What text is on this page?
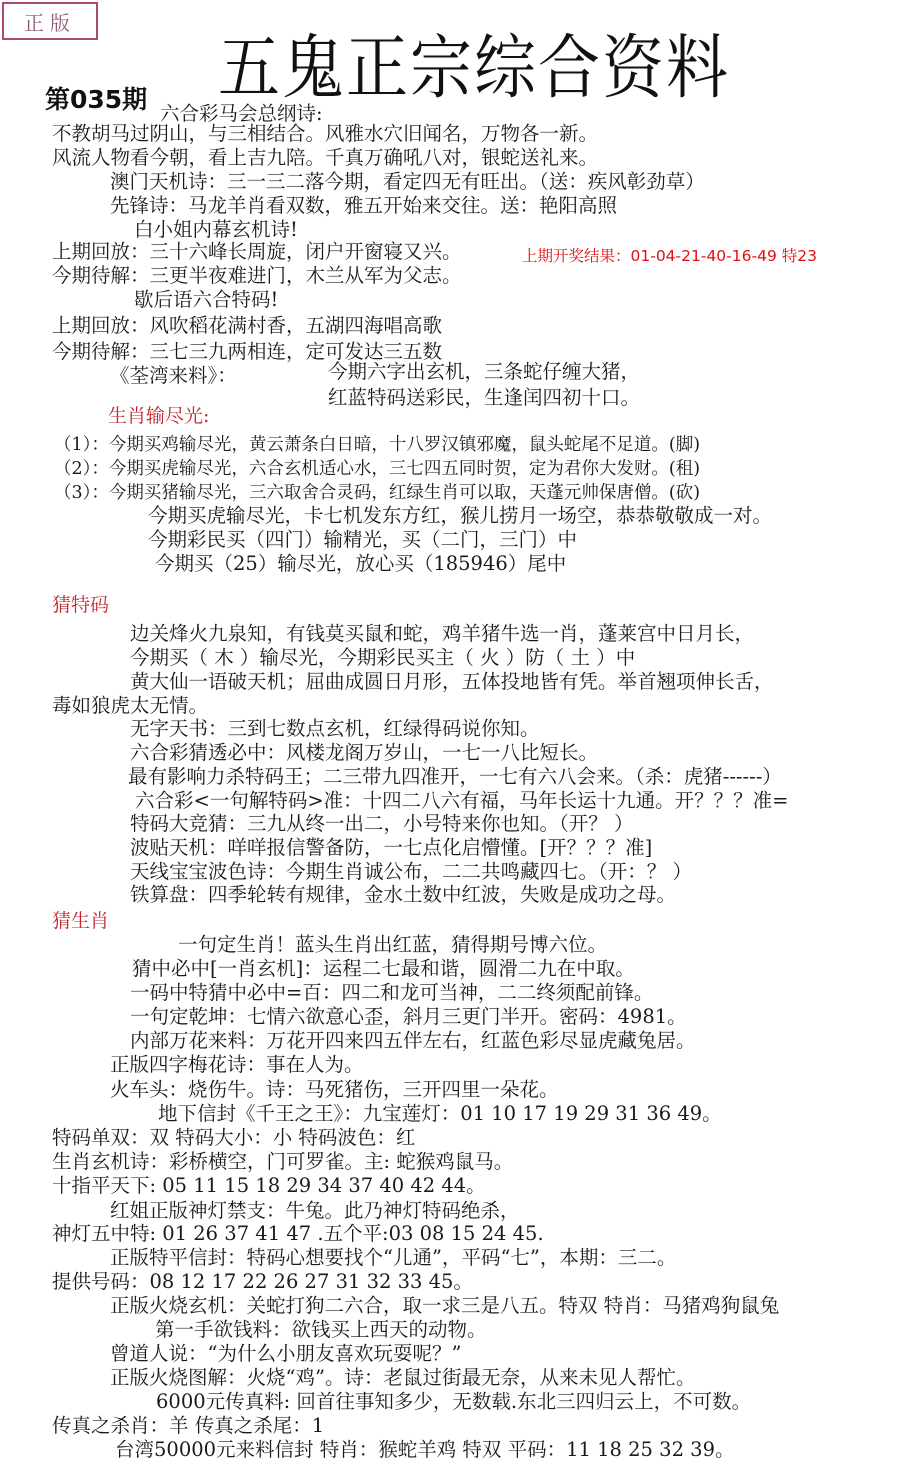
正版
五鬼正宗综合资料
第035期 六合彩马会总纲诗:
不教胡马过阴山，与三相结合。风雅水穴旧闻名，万物各一新。
风流人物看今朝，看上吉九陪。千真万确吼八对，银蛇送礼来。
澳门天机诗：三一三二落今期，看定四无有旺出。（送：疾风彰劲草）
先锋诗：马龙羊肖看双数，雅五开始来交往。送：艳阳高照
白小姐内幕玄机诗!
上期回放：三十六峰长周旋，闭户开窗寝又兴。	上期开奖结果：01-04-21-40-16-49 特23
今期待解：三更半夜难进门，木兰从军为父志。
歇后语六合特码!
上期回放：风吹稻花满村香，五湖四海唱高歌
今期待解：三七三九两相连，定可发达三五数
《荃湾来料》：	今期六字出玄机，三条蛇仔缠大猪，
红蓝特码送彩民，生逢闰四初十口。
生肖输尽光:
（1）：今期买鸡输尽光，黄云萧条白日暗，十八罗汉镇邪魔，鼠头蛇尾不足道。(脚)
（2）：今期买虎输尽光，六合玄机适心水，三七四五同时贺，定为君你大发财。(租)
（3）：今期买猪输尽光，三六取舍合灵码，红绿生肖可以取，天蓬元帅保唐僧。(砍)
今期买虎输尽光，卡七机发东方红，猴儿捞月一场空，恭恭敬敬成一对。
今期彩民买（四门）输精光，买（二门，三门）中
今期买（25）输尽光，放心买（185946）尾中
猜特码
边关烽火九泉知，有钱莫买鼠和蛇，鸡羊猪牛选一肖，蓬莱宫中日月长，
今期买（ 木 ）输尽光，今期彩民买主（ 火 ）防（ 土 ）中
黄大仙一语破天机；屈曲成圆日月形，五体投地皆有凭。举首翘项伸长舌，
毒如狼虎太无情。
无字天书：三到七数点玄机，红绿得码说你知。
六合彩猜透必中：风楼龙阁万岁山，一七一八比短长。
最有影响力杀特码王；二三带九四准开，一七有六八会来。（杀：虎猪------）
六合彩<一句解特码>准：十四二八六有福，马年长运十九通。开？？？准=
特码大竞猜：三九从终一出二，小号特来你也知。（开？ ）
波贴天机：咩咩报信警备防，一七点化启懵懂。[开？？？准]
天线宝宝波色诗：今期生肖诚公布，二二共鸣藏四七。（开：？ ）
铁算盘：四季轮转有规律，金水土数中红波，失败是成功之母。
猜生肖
一句定生肖！蓝头生肖出红蓝，猜得期号博六位。
猜中必中[一肖玄机]：运程二七最和谐，圆滑二九在中取。
一码中特猜中必中=百：四二和龙可当神，二二终须配前锋。
一句定乾坤：七情六欲意心歪，斜月三更门半开。密码：4981。
内部万花来料：万花开四来四五伴左右，红蓝色彩尽显虎藏兔居。
正版四字梅花诗：事在人为。
火车头：烧伤牛。诗：马死猪伤，三开四里一朵花。
地下信封《千王之王》：九宝莲灯：01 10 17 19 29 31 36 49。
特码单双：双 特码大小：小 特码波色：红
生肖玄机诗：彩桥横空，门可罗雀。主: 蛇猴鸡鼠马。
十指平天下: 05 11 15 18 29 34 37 40 42 44。
红姐正版神灯禁支：牛兔。此乃神灯特码绝杀，
神灯五中特: 01 26 37 41 47 .五个平:03 08 15 24 45.
正版特平信封：特码心想要找个“儿通”，平码“七”，本期：三二。
提供号码：08 12 17 22 26 27 31 32 33 45。
正版火烧玄机：关蛇打狗二六合，取一求三是八五。特双 特肖：马猪鸡狗鼠兔
第一手欲钱料：欲钱买上西天的动物。
曾道人说：“为什么小朋友喜欢玩耍呢？”
正版火烧图解：火烧“鸡”。诗：老鼠过街最无奈，从来未见人帮忙。
6000元传真料: 回首往事知多少，无数载.东北三四归云上，不可数。
传真之杀肖：羊 传真之杀尾：1
台湾50000元来料信封 特肖：猴蛇羊鸡 特双 平码：11 18 25 32 39。
